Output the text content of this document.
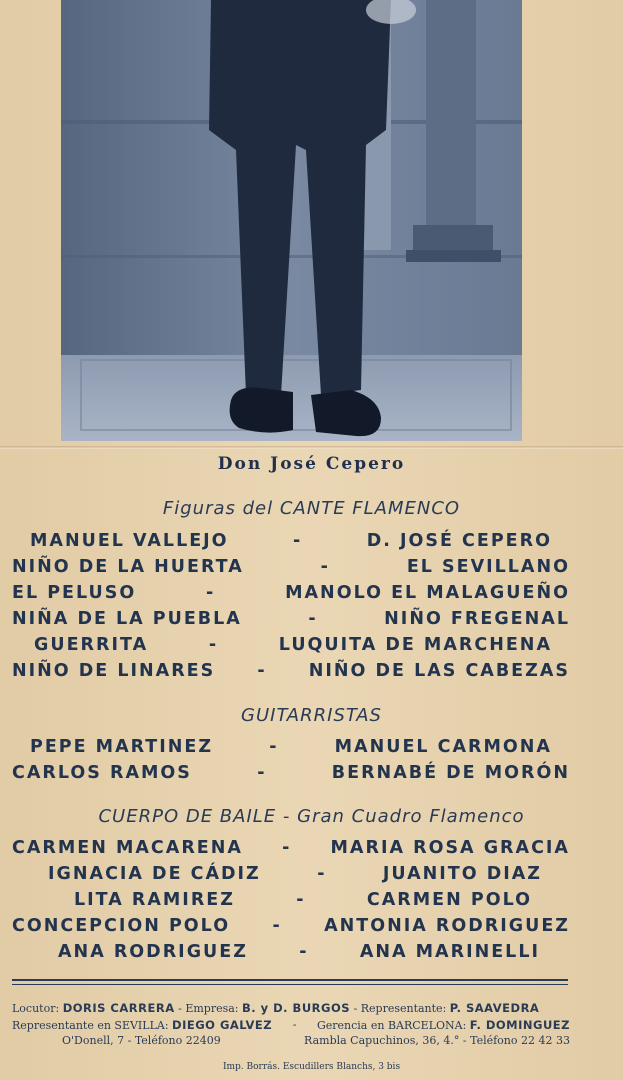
Don José Cepero
Figuras del CANTE FLAMENCO
MANUEL VALLEJO	-	D. JOSÉ CEPERO
NIÑO DE LA HUERTA	-	EL SEVILLANO
EL PELUSO	-	MANOLO EL MALAGUEÑO
NIÑA DE LA PUEBLA	-	NIÑO FREGENAL
GUERRITA	-	LUQUITA DE MARCHENA
NIÑO DE LINARES - NIÑO DE LAS CABEZAS
GUITARRISTAS
PEPE MARTINEZ	-	MANUEL CARMONA
CARLOS RAMOS	-	BERNABÉ DE MORÓN
CUERPO DE BAILE - Gran Cuadro Flamenco
CARMEN MACARENA - MARIA ROSA GRACIA
IGNACIA DE CÁDIZ	-	JUANITO DIAZ
LITA RAMIREZ	-	CARMEN POLO
CONCEPCION POLO - ANTONIA RODRIGUEZ
ANA RODRIGUEZ	-	ANA MARINELLI
Locutor: DORIS CARRERA - Empresa: B. y D. BURGOS - Representante: P. SAAVEDRA
Representante en SEVILLA: DIEGO GALVEZ - Gerencia en BARCELONA: F. DOMINGUEZ
O'Donell, 7 - Teléfono 22409	Rambla Capuchinos, 36, 4.° - Teléfono 22 42 33
Imp. Borrás. Escudillers Blanchs, 3 bis
